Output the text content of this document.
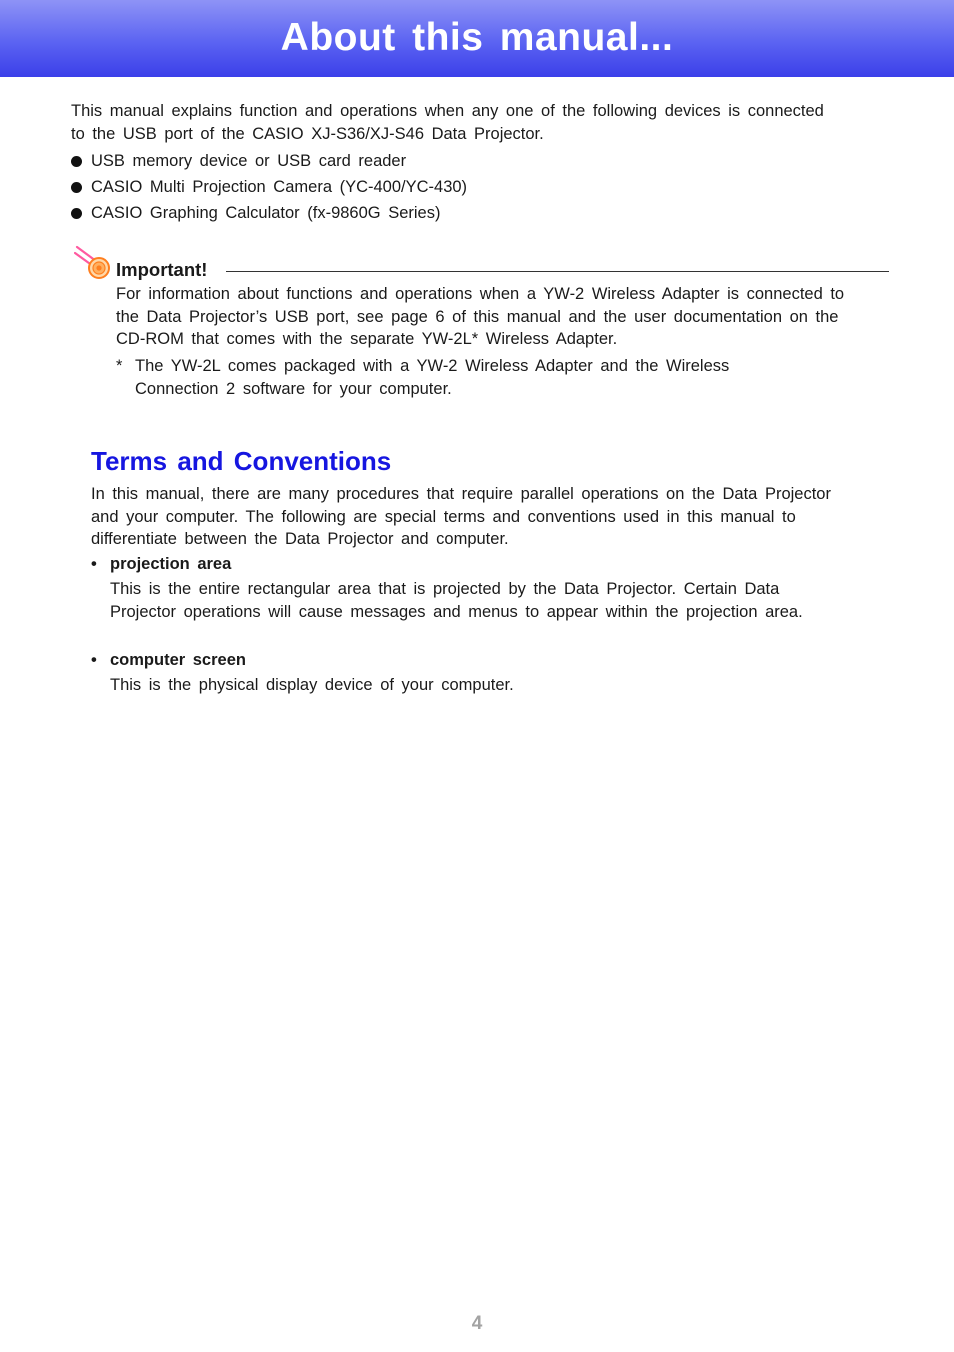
About this manual...
This manual explains function and operations when any one of the following devices is connected to the USB port of the CASIO XJ-S36/XJ-S46 Data Projector.
USB memory device or USB card reader
CASIO Multi Projection Camera (YC-400/YC-430)
CASIO Graphing Calculator (fx-9860G Series)
Important!
For information about functions and operations when a YW-2 Wireless Adapter is connected to the Data Projector’s USB port, see page 6 of this manual and the user documentation on the CD-ROM that comes with the separate YW-2L* Wireless Adapter.
* The YW-2L comes packaged with a YW-2 Wireless Adapter and the Wireless Connection 2 software for your computer.
Terms and Conventions
In this manual, there are many procedures that require parallel operations on the Data Projector and your computer. The following are special terms and conventions used in this manual to differentiate between the Data Projector and computer.
• projection area
This is the entire rectangular area that is projected by the Data Projector. Certain Data Projector operations will cause messages and menus to appear within the projection area.
• computer screen
This is the physical display device of your computer.
4
